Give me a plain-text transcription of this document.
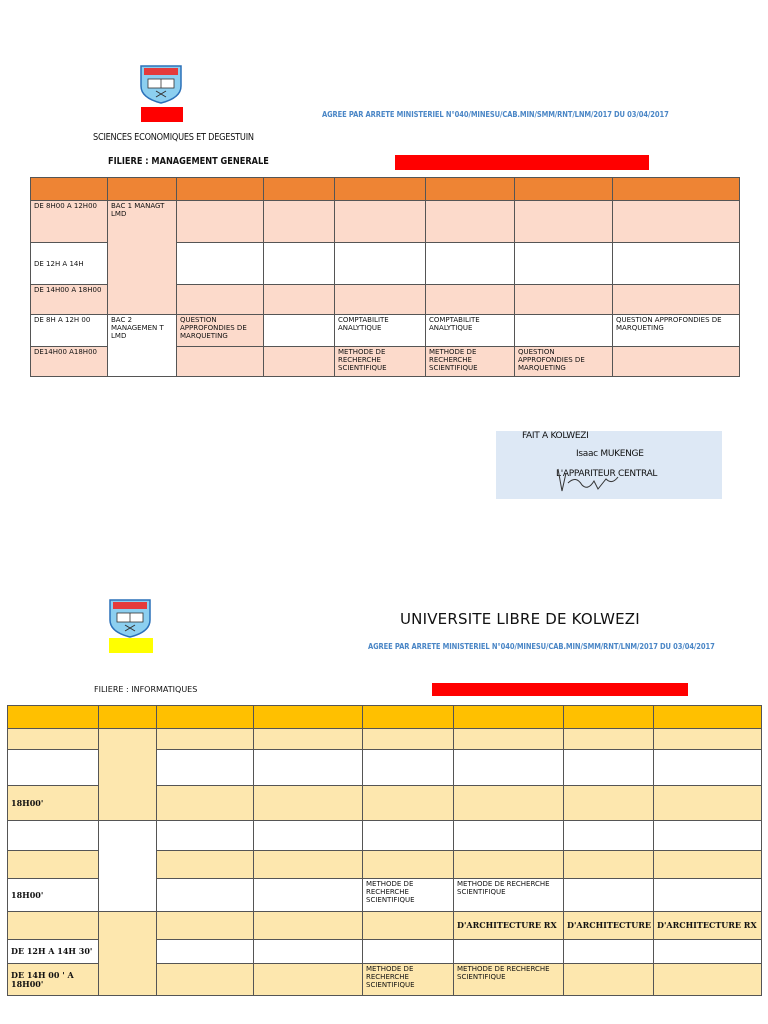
AGREE PAR ARRETE MINISTERIEL N°040/MINESU/CAB.MIN/SMM/RNT/LNM/2017 DU 03/04/2017
SCIENCES ECONOMIQUES ET DEGESTUIN
FILIERE : MANAGEMENT GENERALE

DE 8H00 A 12H00	BAC 1 MANAGT LMD						
DE 12H A 14H							
DE 14H00 A 18H00							
DE 8H A 12H 00	BAC 2 MANAGEMEN T LMD	QUESTION APPROFONDIES DE MARQUETING		COMPTABILITE ANALYTIQUE	COMPTABILITE ANALYTIQUE		QUESTION APPROFONDIES DE MARQUETING
DE14H00 A18H00				METHODE DE RECHERCHE SCIENTIFIQUE	METHODE DE RECHERCHE SCIENTIFIQUE	QUESTION APPROFONDIES DE MARQUETING	
FAIT A KOLWEZI
Isaac MUKENGE
L'APPARITEUR CENTRAL
UNIVERSITE LIBRE DE KOLWEZI
AGREE PAR ARRETE MINISTERIEL N°040/MINESU/CAB.MIN/SMM/RNT/LNM/2017 DU 03/04/2017
FILIERE : INFORMATIQUES

18H00'							

18H00'				METHODE DE RECHERCHE SCIENTIFIQUE	METHODE DE RECHERCHE SCIENTIFIQUE		
					D'ARCHITECTURE RX	D'ARCHITECTURE	D'ARCHITECTURE RX
DE 12H A 14H 30'							
DE 14H 00 ' A 18H00'				METHODE DE RECHERCHE SCIENTIFIQUE	METHODE DE RECHERCHE SCIENTIFIQUE		
